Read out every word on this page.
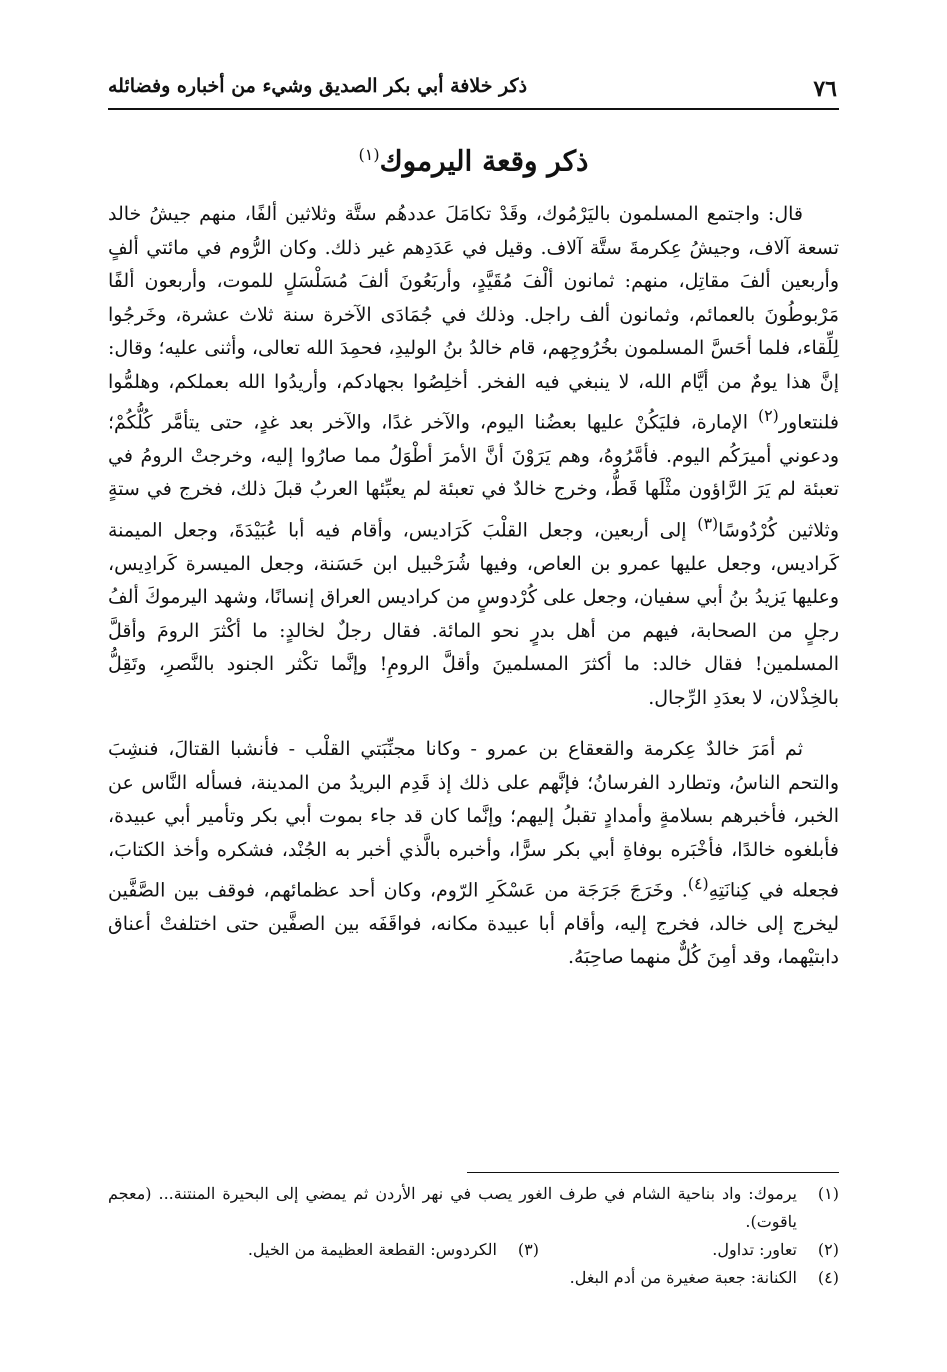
٧٦
ذكر خلافة أبي بكر الصديق وشيء من أخباره وفضائله
ذكر وقعة اليرموك$^{(١)}$

قال: واجتمع المسلمون باليَرْمُوك، وقَدْ تكامَلَ عددهُم ستَّة وثلاثين ألفًا، منهم جيشُ خالد تسعة آلاف، وجيشُ عِكرمةَ ستَّة آلاف. وقيل في عَدَدِهم غير ذلك. وكان الرُّوم في مائتي ألفٍ وأربعين ألفَ مقاتِل، منهم: ثمانون ألْفَ مُقَيَّدٍ، وأربَعُونَ ألفَ مُسَلْسَلٍ للموت، وأربعون ألفًا مَرْبوطُونَ بالعمائم، وثمانون ألف راجل. وذلك في جُمَادَى الآخرة سنة ثلاث عشرة، وخَرجُوا لِلِّقاء، فلما أحَسَّ المسلمون بخُرُوجِهم، قام خالدُ بنُ الوليدِ، فحمِدَ الله تعالى، وأثنى عليه؛ وقال: إنَّ هذا يومٌ من أيَّام الله، لا ينبغي فيه الفخر. أخلِصُوا بجهادكم، وأريدُوا الله بعملكم، وهلمُّوا فلنتعاور$^{(٢)}$ الإمارة، فليَكُنْ عليها بعضُنا اليوم، والآخر غدًا، والآخر بعد غدٍ، حتى يتأمَّر كُلُّكُمْ؛ ودعوني أميرَكُم اليوم. فأمَّرُوهُ، وهم يَرَوْنَ أنَّ الأمرَ أطْوَلُ مما صارُوا إليه، وخرجتْ الرومُ في تعبئة لم يَرَ الرَّاؤون مثْلَها قَطُّ، وخرج خالدٌ في تعبئة لم يعبِّئها العربُ قبلَ ذلك، فخرج في ستةٍ وثلاثين كُرْدُوسًا$^{(٣)}$ إلى أربعين، وجعل القلْبَ كَرَاديس، وأقام فيه أبا عُبَيْدَةَ، وجعل الميمنة كَراديس، وجعل عليها عمرو بن العاص، وفيها شُرَحْبيل ابن حَسَنة، وجعل الميسرة كَرادِيس، وعليها يَزيدُ بنُ أبي سفيان، وجعل على كُرْدوسٍ من كراديس العراق إنسانًا، وشهد اليرموكَ ألفُ رجلٍ من الصحابة، فيهم من أهل بدرٍ نحو المائة. فقال رجلٌ لخالدٍ: ما أكْثرَ الرومَ وأقلَّ المسلمين! فقال خالد: ما أكثرَ المسلمينَ وأقلَّ الرومِ! وإنَّما تكْثر الجنود بالنَّصرِ، وتَقِلُّ بالخِذْلان، لا بعدَدِ الرِّجال.

ثم أمَرَ خالدٌ عِكرمة والقعقاع بن عمرو - وكانا مجنِّبَتي القلْب - فأنشبا القتالَ، فنشِبَ والتحم الناسُ، وتطارد الفرسانُ؛ فإنَّهم على ذلك إذ قَدِم البريدُ من المدينة، فسأله النَّاس عن الخبر، فأخبرهم بسلامةٍ وأمدادٍ تقبلُ إليهم؛ وإنَّما كان قد جاء بموت أبي بكر وتأمير أبي عبيدة، فأبلغوه خالدًا، فأخْبَره بوفاةِ أبي بكر سرًّا، وأخبره بالَّذي أخبر به الجُنْد، فشكره وأخذ الكتابَ، فجعله في كِنانَتِهِ$^{(٤)}$. وخَرَجَ جَرَجَة من عَسْكَرِ الرّوم، وكان أحد عظمائهم، فوقف بين الصَّفَّين ليخرج إلى خالد، فخرج إليه، وأقام أبا عبيدة مكانه، فواقَفَه بين الصفَّين حتى اختلفتْ أعناق دابتيْهما، وقد أمِنَ كُلٌّ منهما صاحِبَهُ.

(١)
يرموك: واد بناحية الشام في طرف الغور يصب في نهر الأردن ثم يمضي إلى البحيرة المنتنة... (معجم ياقوت).
(٢)
تعاور: تداول.
(٣)
الكردوس: القطعة العظيمة من الخيل.
(٤)
الكنانة: جعبة صغيرة من أدم البغل.
